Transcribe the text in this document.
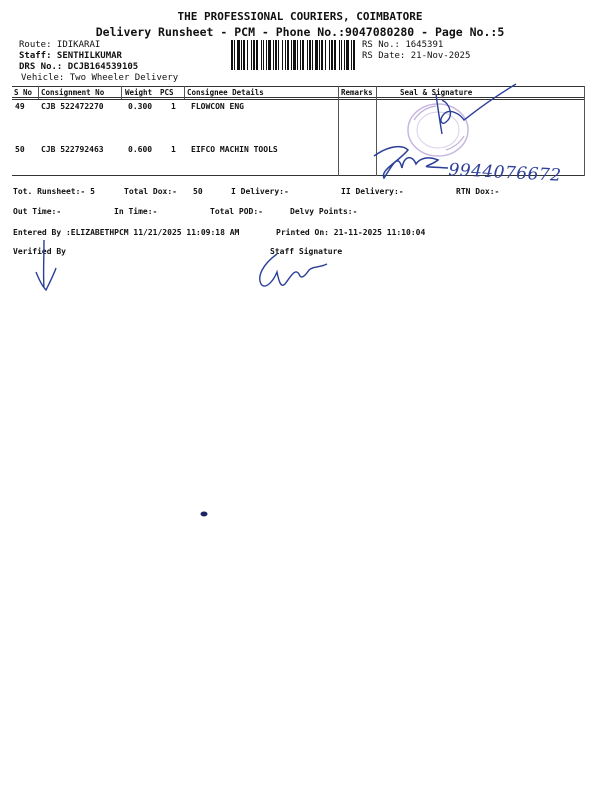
THE PROFESSIONAL COURIERS, COIMBATORE
Delivery Runsheet - PCM - Phone No.:9047080280 - Page No.:5
Route: IDIKARAI
Staff: SENTHILKUMAR
DRS No.: DCJB164539105
Vehicle: Two Wheeler Delivery
RS No.: 1645391
RS Date: 21-Nov-2025
S No Consignment No	Weight PCS Consignee Details	Remarks	Seal & Signature
49 CJB 522472270	0.300 1 FLOWCON ENG
50 CJB 522792463	0.600 1 EIFCO MACHIN TOOLS
9944076672
Tot. Runsheet:- 5	Total Dox:- 50	I Delivery:-	II Delivery:-	RTN Dox:-
Out Time:-	In Time:-	Total POD:-	Delvy Points:-
Entered By :ELIZABETHPCM 11/21/2025 11:09:18 AM	Printed On: 21-11-2025 11:10:04
Verified By	Staff Signature
